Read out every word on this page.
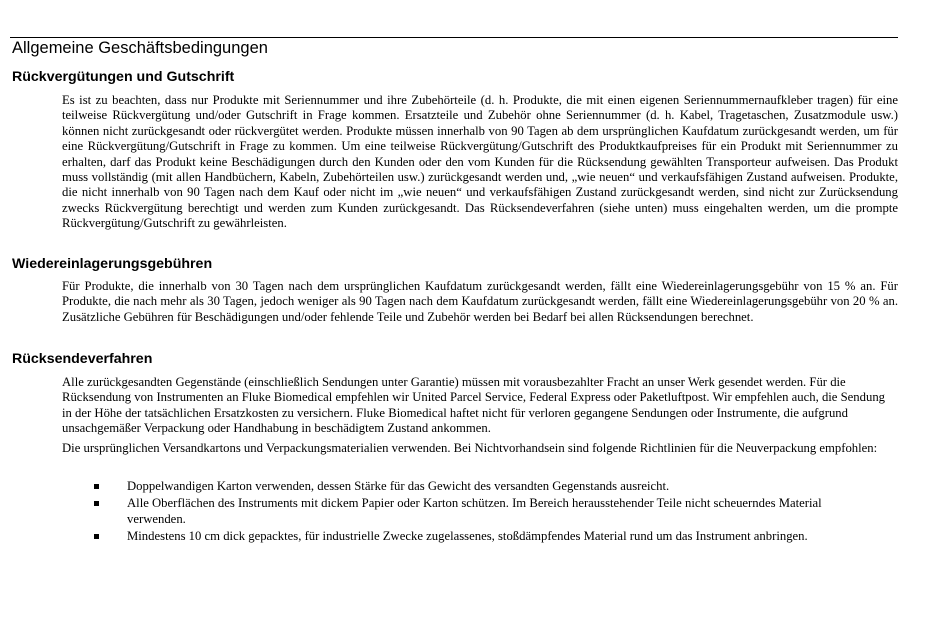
Allgemeine Geschäftsbedingungen
Rückvergütungen und Gutschrift

Es ist zu beachten, dass nur Produkte mit Seriennummer und ihre Zubehörteile (d. h. Produkte, die mit einen eigenen Seriennummernaufkleber tragen) für eine teilweise Rückvergütung und/oder Gutschrift in Frage kommen. Ersatzteile und Zubehör ohne Seriennummer (d. h. Kabel, Tragetaschen, Zusatzmodule usw.) können nicht zurückgesandt oder rückvergütet werden. Produkte müssen innerhalb von 90 Tagen ab dem ursprünglichen Kaufdatum zurückgesandt werden, um für eine Rückvergütung/Gutschrift in Frage zu kommen. Um eine teilweise Rückvergütung/Gutschrift des Produktkaufpreises für ein Produkt mit Seriennummer zu erhalten, darf das Produkt keine Beschädigungen durch den Kunden oder den vom Kunden für die Rücksendung gewählten Transporteur aufweisen. Das Produkt muss vollständig (mit allen Handbüchern, Kabeln, Zubehörteilen usw.) zurückgesandt werden und, „wie neuen“ und verkaufsfähigen Zustand aufweisen. Produkte, die nicht innerhalb von 90 Tagen nach dem Kauf oder nicht im „wie neuen“ und verkaufsfähigen Zustand zurückgesandt werden, sind nicht zur Zurücksendung zwecks Rückvergütung berechtigt und werden zum Kunden zurückgesandt. Das Rücksendeverfahren (siehe unten) muss eingehalten werden, um die prompte Rückvergütung/Gutschrift zu gewährleisten.

Wiedereinlagerungsgebühren

Für Produkte, die innerhalb von 30 Tagen nach dem ursprünglichen Kaufdatum zurückgesandt werden, fällt eine Wiedereinlagerungsgebühr von 15 % an. Für Produkte, die nach mehr als 30 Tagen, jedoch weniger als 90 Tagen nach dem Kaufdatum zurückgesandt werden, fällt eine Wiedereinlagerungsgebühr von 20 % an. Zusätzliche Gebühren für Beschädigungen und/oder fehlende Teile und Zubehör werden bei Bedarf bei allen Rücksendungen berechnet.

Rücksendeverfahren

Alle zurückgesandten Gegenstände (einschließlich Sendungen unter Garantie) müssen mit vorausbezahlter Fracht an unser Werk gesendet werden. Für die Rücksendung von Instrumenten an Fluke Biomedical empfehlen wir United Parcel Service, Federal Express oder Paketluftpost. Wir empfehlen auch, die Sendung in der Höhe der tatsächlichen Ersatzkosten zu versichern. Fluke Biomedical haftet nicht für verloren gegangene Sendungen oder Instrumente, die aufgrund unsachgemäßer Verpackung oder Handhabung in beschädigtem Zustand ankommen.

Die ursprünglichen Versandkartons und Verpackungsmaterialien verwenden. Bei Nichtvorhandsein sind folgende Richtlinien für die Neuverpackung empfohlen:

Doppelwandigen Karton verwenden, dessen Stärke für das Gewicht des versandten Gegenstands ausreicht.
Alle Oberflächen des Instruments mit dickem Papier oder Karton schützen. Im Bereich herausstehender Teile nicht scheuerndes Material verwenden.
Mindestens 10 cm dick gepacktes, für industrielle Zwecke zugelassenes, stoßdämpfendes Material rund um das Instrument anbringen.
